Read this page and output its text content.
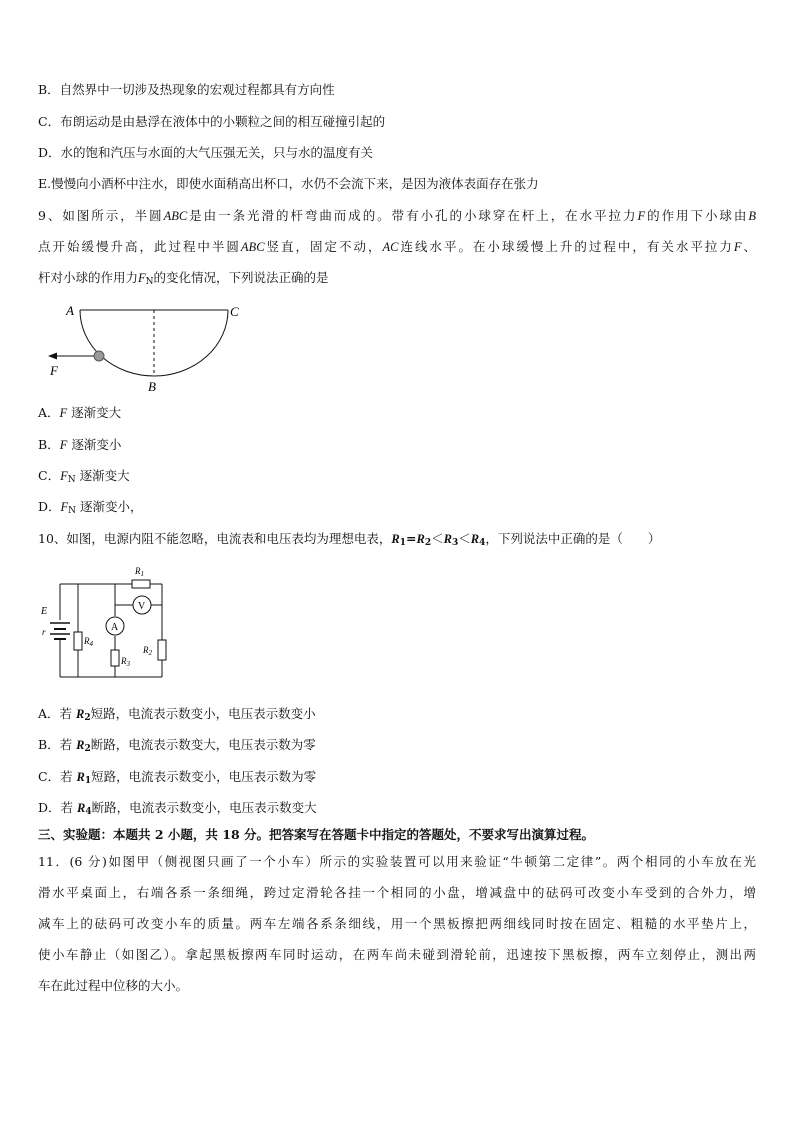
B．自然界中一切涉及热现象的宏观过程都具有方向性
C．布朗运动是由悬浮在液体中的小颗粒之间的相互碰撞引起的
D．水的饱和汽压与水面的大气压强无关，只与水的温度有关
E.慢慢向小酒杯中注水，即使水面稍高出杯口，水仍不会流下来，是因为液体表面存在张力
9、如图所示，半圆ABC是由一条光滑的杆弯曲而成的。带有小孔的小球穿在杆上，在水平拉力F的作用下小球由B
点开始缓慢升高，此过程中半圆ABC竖直，固定不动，AC连线水平。在小球缓慢上升的过程中，有关水平拉力F、
杆对小球的作用力$F_N$的变化情况，下列说法正确的是
A	C
B
F
A．F 逐渐变大
B．F 逐渐变小
C．$F_N$ 逐渐变大
D．$F_N$ 逐渐变小，
10、如图，电源内阻不能忽略，电流表和电压表均为理想电表，$R_1=R_2<R_3<R_4$，下列说法中正确的是（　　）
V
A
E
r
$R_1$
$R_2$
$R_3$
$R_4$
A．若 $R_2$短路，电流表示数变小，电压表示数变小
B．若 $R_2$断路，电流表示数变大，电压表示数为零
C．若 $R_1$短路，电流表示数变小，电压表示数为零
D．若 $R_4$断路，电流表示数变小，电压表示数变大
三、实验题：本题共 2 小题，共 18 分。把答案写在答题卡中指定的答题处，不要求写出演算过程。
11．(6 分)如图甲（侧视图只画了一个小车）所示的实验装置可以用来验证“牛顿第二定律”。两个相同的小车放在光
滑水平桌面上，右端各系一条细绳，跨过定滑轮各挂一个相同的小盘，增减盘中的砝码可改变小车受到的合外力，增
减车上的砝码可改变小车的质量。两车左端各系条细线，用一个黑板擦把两细线同时按在固定、粗糙的水平垫片上，
使小车静止（如图乙）。拿起黑板擦两车同时运动，在两车尚未碰到滑轮前，迅速按下黑板擦，两车立刻停止，测出两
车在此过程中位移的大小。
